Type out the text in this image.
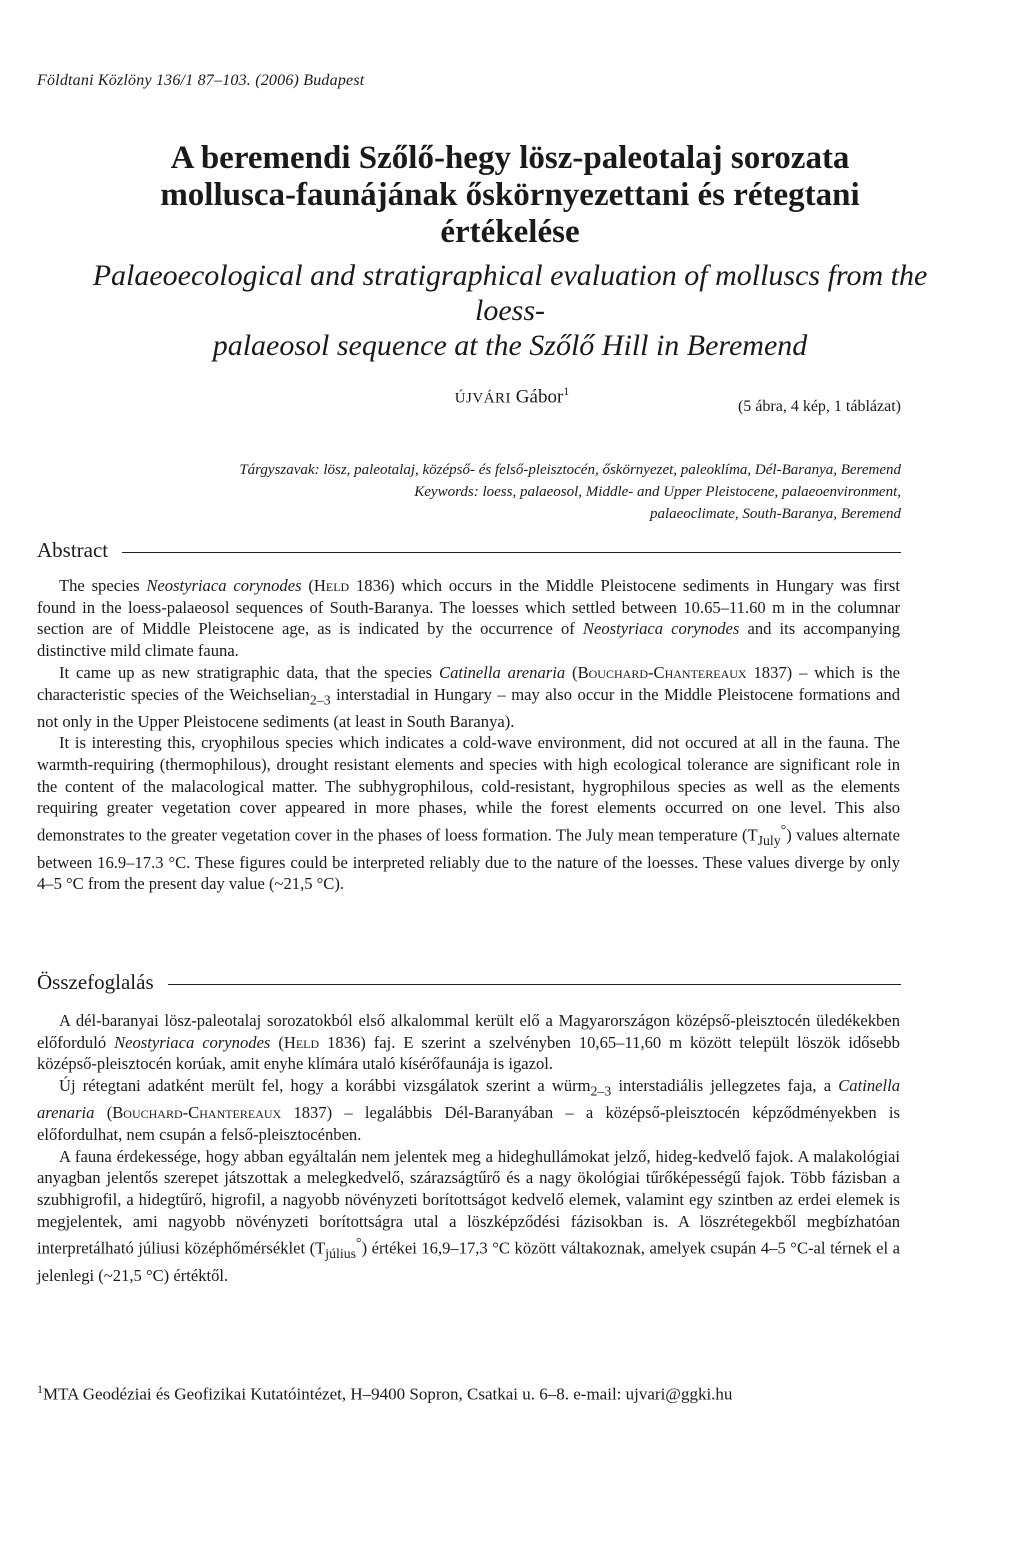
Földtani Közlöny 136/1 87–103. (2006) Budapest
A beremendi Szőlő-hegy lösz-paleotalaj sorozata
mollusca-faunájának őskörnyezettani és rétegtani
értékelése
Palaeoecological and stratigraphical evaluation of molluscs from the loess-
palaeosol sequence at the Szőlő Hill in Beremend
ÚJVÁRI Gábor$^1$
(5 ábra, 4 kép, 1 táblázat)
Tárgyszavak: lösz, paleotalaj, középső- és felső-pleisztocén, őskörnyezet, paleoklíma, Dél-Baranya, Beremend
Keywords: loess, palaeosol, Middle- and Upper Pleistocene, palaeoenvironment,
palaeoclimate, South-Baranya, Beremend
Abstract

The species Neostyriaca corynodes (Held 1836) which occurs in the Middle Pleistocene sediments in Hungary was first found in the loess-palaeosol sequences of South-Baranya. The loesses which settled between 10.65–11.60 m in the columnar section are of Middle Pleistocene age, as is indicated by the occurrence of Neostyriaca corynodes and its accompanying distinctive mild climate fauna.

It came up as new stratigraphic data, that the species Catinella arenaria (Bouchard-Chantereaux 1837) – which is the characteristic species of the Weichselian$_{2-3}$ interstadial in Hungary – may also occur in the Middle Pleistocene formations and not only in the Upper Pleistocene sediments (at least in South Baranya).

It is interesting this, cryophilous species which indicates a cold-wave environment, did not occured at all in the fauna. The warmth-requiring (thermophilous), drought resistant elements and species with high ecological tolerance are significant role in the content of the malacological matter. The subhygrophilous, cold-resistant, hygrophilous species as well as the elements requiring greater vegetation cover appeared in more phases, while the forest elements occurred on one level. This also demonstrates to the greater vegetation cover in the phases of loess formation. The July mean temperature $(T_{July}^\circ)$ values alternate between 16.9–17.3 °C. These figures could be interpreted reliably due to the nature of the loesses. These values diverge by only 4–5 °C from the present day value (~21,5 °C).

Összefoglalás

A dél-baranyai lösz-paleotalaj sorozatokból első alkalommal került elő a Magyarországon középső-pleisztocén üledékekben előforduló Neostyriaca corynodes (Held 1836) faj. E szerint a szelvényben 10,65–11,60 m között települt löszök idősebb középső-pleisztocén korúak, amit enyhe klímára utaló kísérőfaunája is igazol.

Új rétegtani adatként merült fel, hogy a korábbi vizsgálatok szerint a würm$_{2-3}$ interstadiális jellegzetes faja, a Catinella arenaria (Bouchard-Chantereaux 1837) – legalábbis Dél-Baranyában – a középső-pleisztocén képződményekben is előfordulhat, nem csupán a felső-pleisztocénben.

A fauna érdekessége, hogy abban egyáltalán nem jelentek meg a hideghullámokat jelző, hideg-kedvelő fajok. A malakológiai anyagban jelentős szerepet játszottak a melegkedvelő, szárazságtűrő és a nagy ökológiai tűrőképességű fajok. Több fázisban a szubhigrofil, a hidegtűrő, higrofil, a nagyobb növényzeti borítottságot kedvelő elemek, valamint egy szintben az erdei elemek is megjelentek, ami nagyobb növényzeti borítottságra utal a löszképződési fázisokban is. A löszrétegekből megbízhatóan interpretálható júliusi középhőmérséklet $(T_{július}^\circ)$ értékei 16,9–17,3 °C között váltakoznak, amelyek csupán 4–5 °C-al térnek el a jelenlegi (~21,5 °C) értéktől.

$^1$MTA Geodéziai és Geofizikai Kutatóintézet, H–9400 Sopron, Csatkai u. 6–8. e-mail: ujvari@ggki.hu
